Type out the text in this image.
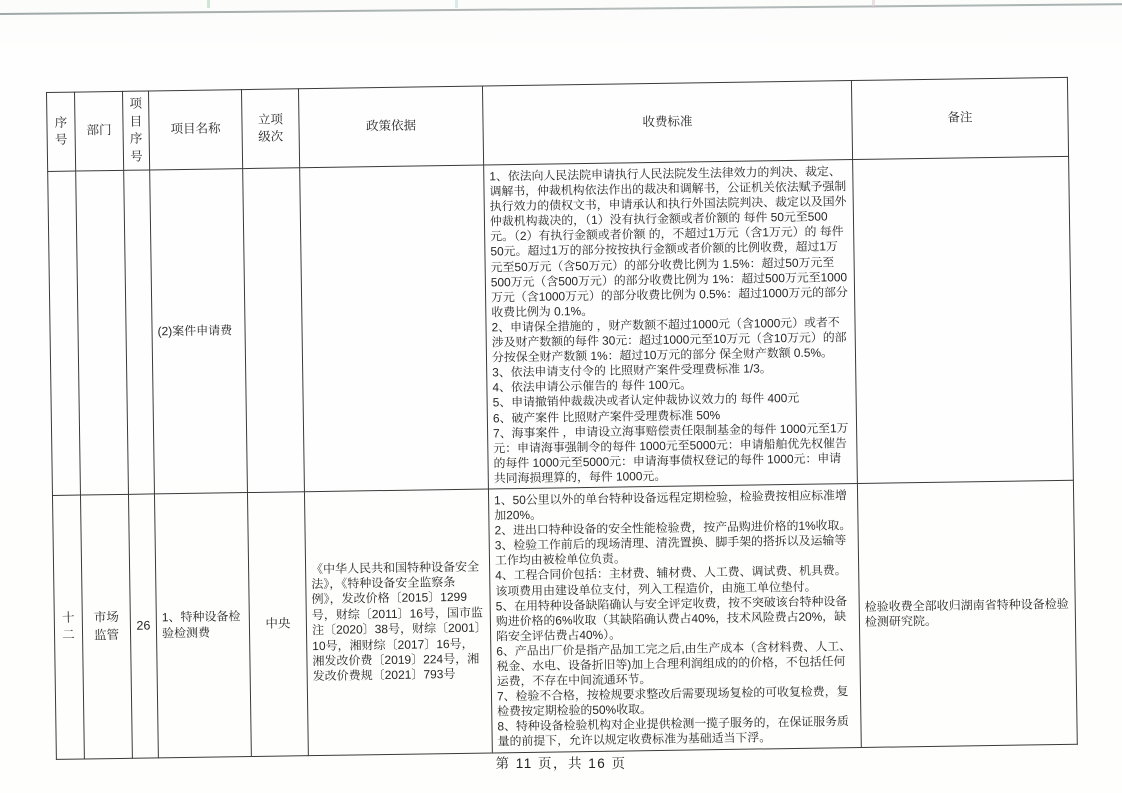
序号	部门	项目序号	项目名称	立项级次	政策依据	收费标准	备注
			(2)案件申请费			1、依法向人民法院申请执行人民法院发生法律效力的判决、裁定、调解书，仲裁机构依法作出的裁决和调解书，公证机关依法赋予强制执行效力的债权文书，申请承认和执行外国法院判决、裁定以及国外仲裁机构裁决的，（1）没有执行金额或者价额的 每件 50元至500元。（2）有执行金额或者价额 的，不超过1万元（含1万元）的 每件 50元。超过1万的部分按按执行金额或者价额的比例收费，超过1万元至50万元（含50万元）的部分收费比例为 1.5%：超过50万元至500万元（含500万元）的部分收费比例为 1%：超过500万元至1000万元（含1000万元）的部分收费比例为 0.5%：超过1000万元的部分收费比例为 0.1%。
2、申请保全措施的 ，财产数额不超过1000元（含1000元）或者不涉及财产数额的每件 30元：超过1000元至10万元（含10万元）的部分按保全财产数额 1%：超过10万元的部分 保全财产数额 0.5%。
3、依法申请支付令的 比照财产案件受理费标准 1/3。
4、依法申请公示催告的 每件 100元。
5、申请撤销仲裁裁决或者认定仲裁协议效力的 每件 400元
6、破产案件 比照财产案件受理费标准 50%
7、海事案件 ，申请设立海事赔偿责任限制基金的每件 1000元至1万元：申请海事强制令的每件 1000元至5000元：申请船舶优先权催告的每件 1000元至5000元：申请海事债权登记的每件 1000元：申请共同海损理算的，每件 1000元。	
十二	市场监管	26	1、特种设备检验检测费	中央	《中华人民共和国特种设备安全法》，《特种设备安全监察条例》，发改价格〔2015〕1299号，财综〔2011〕16号，国市监注〔2020〕38号，财综〔2001〕10号，湘财综〔2017〕16号，湘发改价费〔2019〕224号，湘发改价费规〔2021〕793号	1、50公里以外的单台特种设备远程定期检验，检验费按相应标准增加20%。
2、进出口特种设备的安全性能检验费，按产品购进价格的1%收取。
3、检验工作前后的现场清理、清洗置换、脚手架的搭拆以及运输等工作均由被检单位负责。
4、工程合同价包括：主材费、辅材费、人工费、调试费、机具费。该项费用由建设单位支付，列入工程造价，由施工单位垫付。
5、在用特种设备缺陷确认与安全评定收费，按不突破该台特种设备购进价格的6%收取（其缺陷确认费占40%，技术风险费占20%，缺陷安全评估费占40%）。
6、产品出厂价是指产品加工完之后,由生产成本（含材料费、人工、税金、水电、设备折旧等)加上合理利润组成的的价格，不包括任何运费，不存在中间流通环节。
7、检验不合格，按检规要求整改后需要现场复检的可收复检费，复检费按定期检验的50%收取。
8、特种设备检验机构对企业提供检测一揽子服务的，在保证服务质量的前提下，允许以规定收费标准为基础适当下浮。	检验收费全部收归湖南省特种设备检验检测研究院。
第 11 页，共 16 页
